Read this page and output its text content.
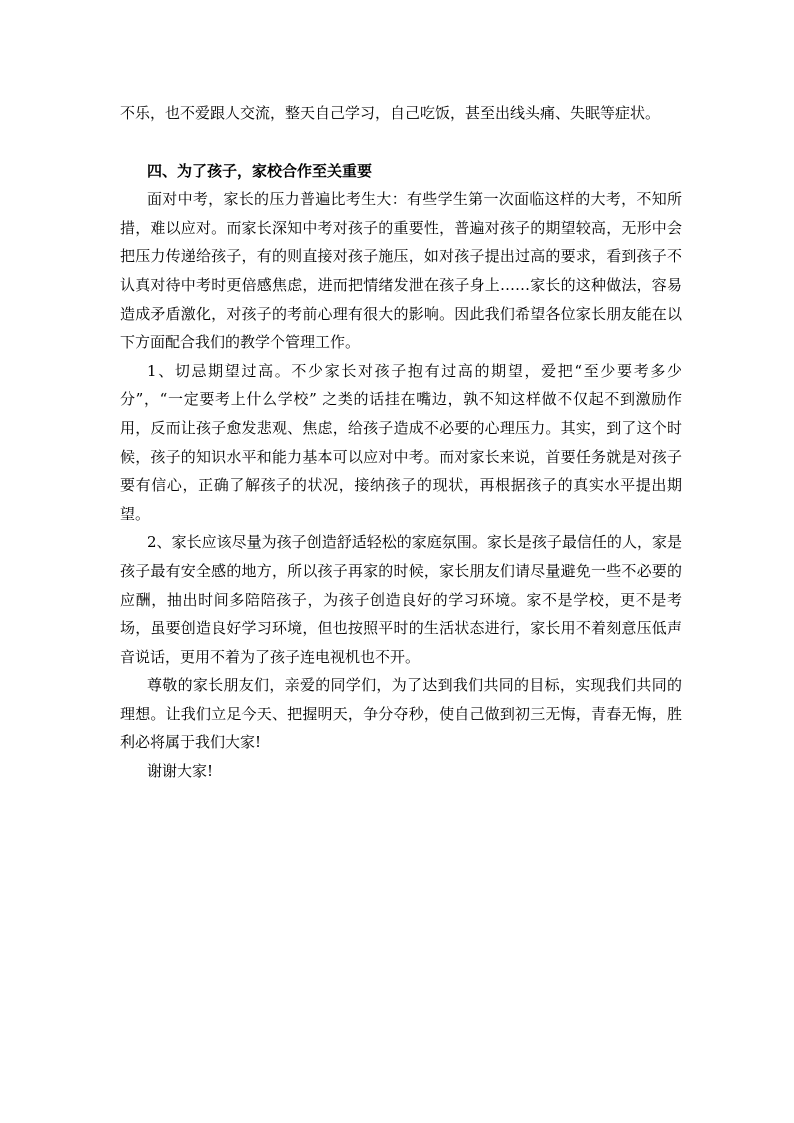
不乐，也不爱跟人交流，整天自己学习，自己吃饭，甚至出线头痛、失眠等症状。

四、为了孩子，家校合作至关重要

面对中考，家长的压力普遍比考生大：有些学生第一次面临这样的大考，不知所措，难以应对。而家长深知中考对孩子的重要性，普遍对孩子的期望较高，无形中会把压力传递给孩子，有的则直接对孩子施压，如对孩子提出过高的要求，看到孩子不认真对待中考时更倍感焦虑，进而把情绪发泄在孩子身上……家长的这种做法，容易造成矛盾激化，对孩子的考前心理有很大的影响。因此我们希望各位家长朋友能在以下方面配合我们的教学个管理工作。

1、切忌期望过高。不少家长对孩子抱有过高的期望，爱把“至少要考多少分”，“一定要考上什么学校” 之类的话挂在嘴边，孰不知这样做不仅起不到激励作用，反而让孩子愈发悲观、焦虑，给孩子造成不必要的心理压力。其实，到了这个时候，孩子的知识水平和能力基本可以应对中考。而对家长来说，首要任务就是对孩子要有信心，正确了解孩子的状况，接纳孩子的现状，再根据孩子的真实水平提出期望。

2、家长应该尽量为孩子创造舒适轻松的家庭氛围。家长是孩子最信任的人，家是孩子最有安全感的地方，所以孩子再家的时候，家长朋友们请尽量避免一些不必要的应酬，抽出时间多陪陪孩子，为孩子创造良好的学习环境。家不是学校，更不是考场，虽要创造良好学习环境，但也按照平时的生活状态进行，家长用不着刻意压低声音说话，更用不着为了孩子连电视机也不开。

尊敬的家长朋友们，亲爱的同学们，为了达到我们共同的目标，实现我们共同的理想。让我们立足今天、把握明天，争分夺秒，使自己做到初三无悔，青春无悔，胜利必将属于我们大家!

谢谢大家!
